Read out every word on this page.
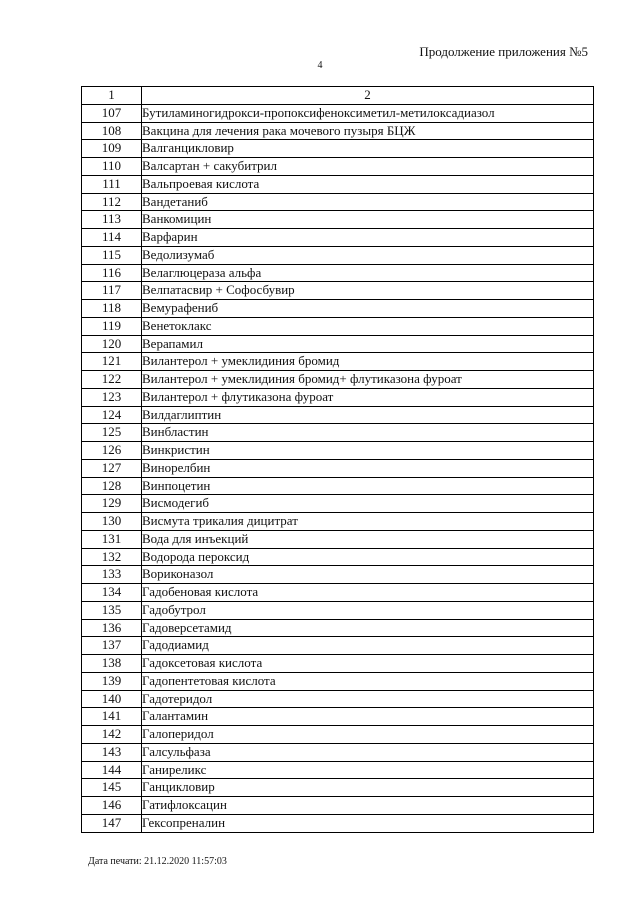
Продолжение приложения №5
4
1	2
107	Бутиламиногидрокси-пропоксифеноксиметил-метилоксадиазол
108	Вакцина для лечения рака мочевого пузыря БЦЖ
109	Валганцикловир
110	Валсартан + сакубитрил
111	Вальпроевая кислота
112	Вандетаниб
113	Ванкомицин
114	Варфарин
115	Ведолизумаб
116	Велаглюцераза альфа
117	Велпатасвир + Софосбувир
118	Вемурафениб
119	Венетоклакс
120	Верапамил
121	Вилантерол + умеклидиния бромид
122	Вилантерол + умеклидиния бромид+ флутиказона фуроат
123	Вилантерол + флутиказона фуроат
124	Вилдаглиптин
125	Винбластин
126	Винкристин
127	Винорелбин
128	Винпоцетин
129	Висмодегиб
130	Висмута трикалия дицитрат
131	Вода для инъекций
132	Водорода пероксид
133	Вориконазол
134	Гадобеновая кислота
135	Гадобутрол
136	Гадоверсетамид
137	Гадодиамид
138	Гадоксетовая кислота
139	Гадопентетовая кислота
140	Гадотеридол
141	Галантамин
142	Галоперидол
143	Галсульфаза
144	Ганиреликс
145	Ганцикловир
146	Гатифлоксацин
147	Гексопреналин
Дата печати: 21.12.2020 11:57:03
